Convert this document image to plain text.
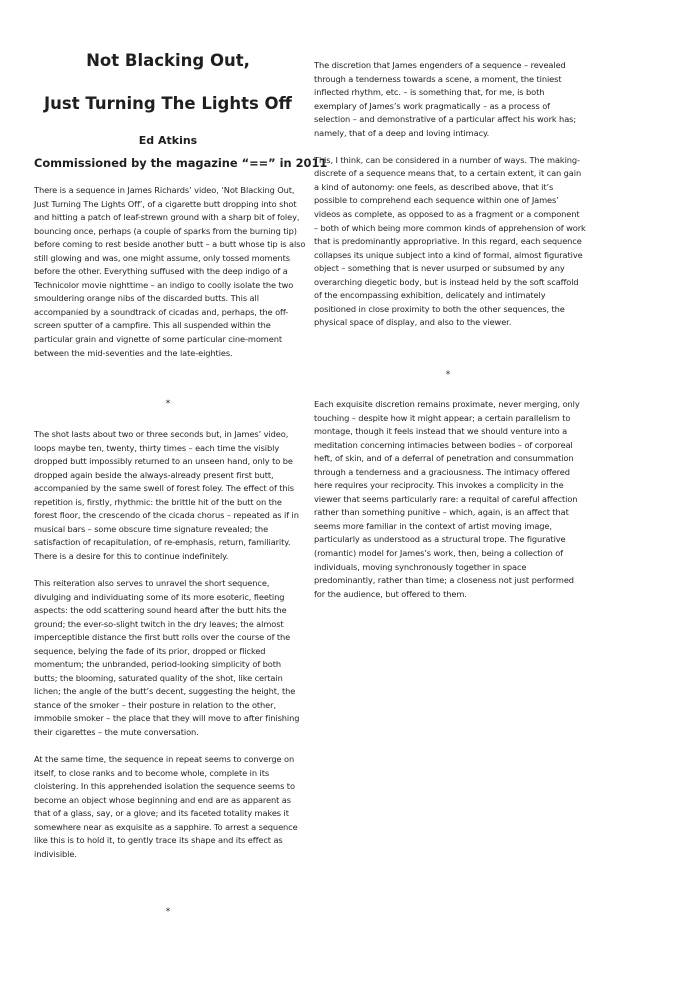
Not Blacking Out,
Just Turning The Lights Off

Ed Atkins

Commissioned by the magazine “==” in 2011

There is a sequence in James Richards’ video, ‘Not Blacking Out, Just Turning The Lights Off’, of a cigarette butt dropping into shot and hitting a patch of leaf-strewn ground with a sharp bit of foley, bouncing once, perhaps (a couple of sparks from the burning tip) before coming to rest beside another butt – a butt whose tip is also still glowing and was, one might assume, only tossed moments before the other. Everything suffused with the deep indigo of a Technicolor movie nighttime – an indigo to coolly isolate the two smouldering orange nibs of the discarded butts. This all accompanied by a soundtrack of cicadas and, perhaps, the off-screen sputter of a campfire. This all suspended within the particular grain and vignette of some particular cine-moment between the mid-seventies and the late-eighties.

*

The shot lasts about two or three seconds but, in James’ video, loops maybe ten, twenty, thirty times – each time the visibly dropped butt impossibly returned to an unseen hand, only to be dropped again beside the always-already present first butt, accompanied by the same swell of forest foley. The effect of this repetition is, firstly, rhythmic: the brittle hit of the butt on the forest floor, the crescendo of the cicada chorus – repeated as if in musical bars – some obscure time signature revealed; the satisfaction of recapitulation, of re-emphasis, return, familiarity. There is a desire for this to continue indefinitely.

This reiteration also serves to unravel the short sequence, divulging and individuating some of its more esoteric, fleeting aspects: the odd scattering sound heard after the butt hits the ground; the ever-so-slight twitch in the dry leaves; the almost imperceptible distance the first butt rolls over the course of the sequence, belying the fade of its prior, dropped or flicked momentum; the unbranded, period-looking simplicity of both butts; the blooming, saturated quality of the shot, like certain lichen; the angle of the butt’s decent, suggesting the height, the stance of the smoker – their posture in relation to the other, immobile smoker – the place that they will move to after finishing their cigarettes – the mute conversation.

At the same time, the sequence in repeat seems to converge on itself, to close ranks and to become whole, complete in its cloistering. In this apprehended isolation the sequence seems to become an object whose beginning and end are as apparent as that of a glass, say, or a glove; and its faceted totality makes it somewhere near as exquisite as a sapphire. To arrest a sequence like this is to hold it, to gently trace its shape and its effect as indivisible.

*

The discretion that James engenders of a sequence – revealed through a tenderness towards a scene, a moment, the tiniest inflected rhythm, etc. – is something that, for me, is both exemplary of James’s work pragmatically – as a process of selection – and demonstrative of a particular affect his work has; namely, that of a deep and loving intimacy.

This, I think, can be considered in a number of ways. The making-discrete of a sequence means that, to a certain extent, it can gain a kind of autonomy: one feels, as described above, that it’s possible to comprehend each sequence within one of James’ videos as complete, as opposed to as a fragment or a component – both of which being more common kinds of apprehension of work that is predominantly appropriative. In this regard, each sequence collapses its unique subject into a kind of formal, almost figurative object – something that is never usurped or subsumed by any overarching diegetic body, but is instead held by the soft scaffold of the encompassing exhibition, delicately and intimately positioned in close proximity to both the other sequences, the physical space of display, and also to the viewer.

*

Each exquisite discretion remains proximate, never merging, only touching – despite how it might appear; a certain parallelism to montage, though it feels instead that we should venture into a meditation concerning intimacies between bodies – of corporeal heft, of skin, and of a deferral of penetration and consummation through a tenderness and a graciousness. The intimacy offered here requires your reciprocity. This invokes a complicity in the viewer that seems particularly rare: a requital of careful affection rather than something punitive – which, again, is an affect that seems more familiar in the context of artist moving image, particularly as understood as a structural trope. The figurative (romantic) model for James’s work, then, being a collection of individuals, moving synchronously together in space predominantly, rather than time; a closeness not just performed for the audience, but offered to them.
